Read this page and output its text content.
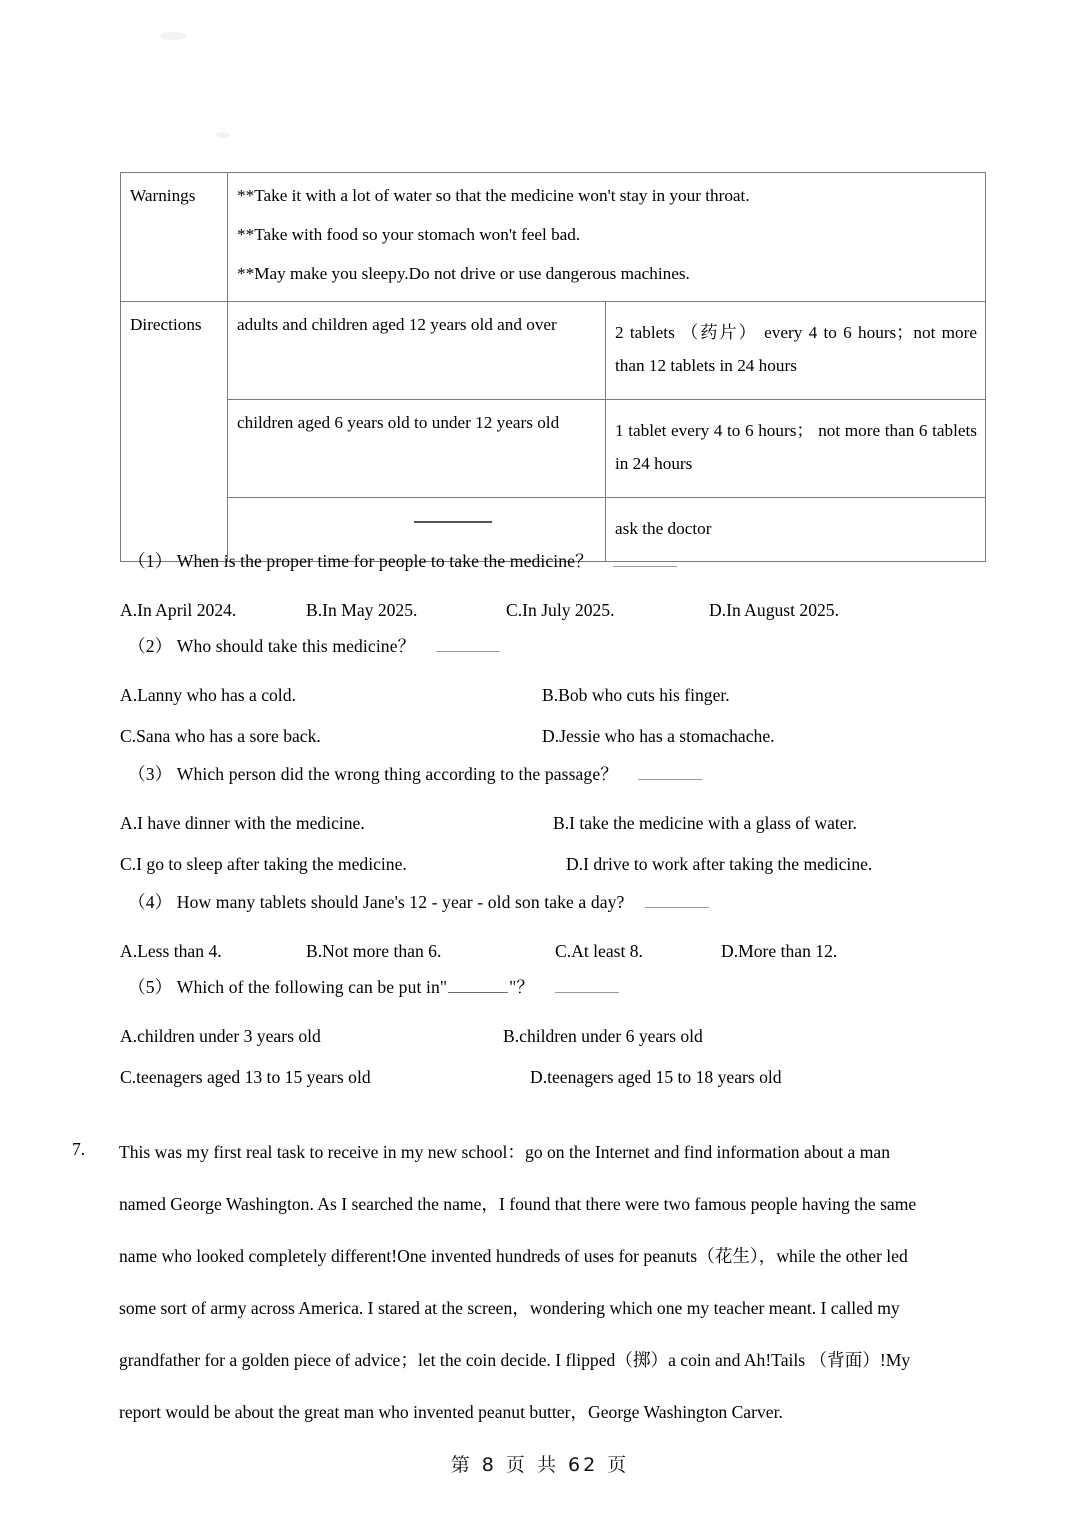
Warnings	**Take it with a lot of water so that the medicine won't stay in your throat.

**Take with food so your stomach won't feel bad.

**May make you sleepy.Do not drive or use dangerous machines.	

Directions	adults and children aged 12 years old and over	2 tablets （药片） every 4 to 6 hours；not more than 12 tablets in 24 hours

	children aged 6 years old to under 12 years old	1 tablet every 4 to 6 hours； not more than 6 tablets in 24 hours

		ask the doctor

（1） When is the proper time for people to take the medicine？

A.In April 2024.	B.In May 2025.	C.In July 2025.	D.In August 2025.

（2） Who should take this medicine？

A.Lanny who has a cold.	B.Bob who cuts his finger.
C.Sana who has a sore back.	D.Jessie who has a stomachache.

（3） Which person did the wrong thing according to the passage？

A.I have dinner with the medicine.	B.I take the medicine with a glass of water.
C.I go to sleep after taking the medicine.	D.I drive to work after taking the medicine.

（4） How many tablets should Jane's 12 - year - old son take a day?

A.Less than 4.	B.Not more than 6.	C.At least 8.	D.More than 12.

（5） Which of the following can be put in"	"？

A.children under 3 years old	B.children under 6 years old
C.teenagers aged 13 to 15 years old	D.teenagers aged 15 to 18 years old
7.	This was my first real task to receive in my new school：go on the Internet and find information about a man

named George Washington. As I searched the name，I found that there were two famous people having the same

name who looked completely different!One invented hundreds of uses for peanuts（花生），while the other led

some sort of army across America. I stared at the screen，wondering which one my teacher meant. I called my

grandfather for a golden piece of advice；let the coin decide. I flipped（掷）a coin and Ah!Tails （背面）!My

report would be about the great man who invented peanut butter，George Washington Carver.

第 8 页 共 62 页
